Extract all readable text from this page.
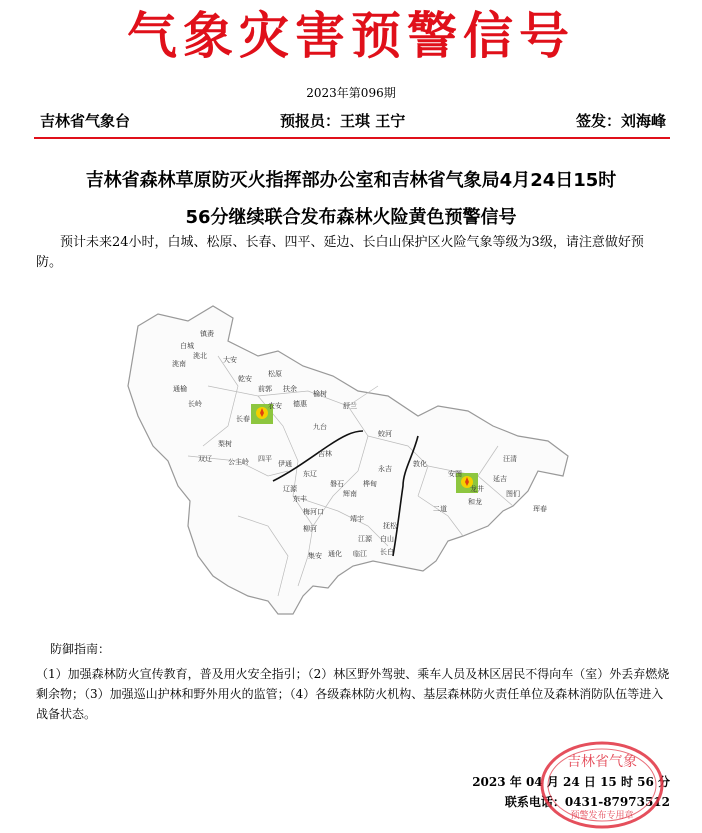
气象灾害预警信号
2023年第096期
吉林省气象台	预报员：王琪 王宁	签发：刘海峰
吉林省森林草原防灭火指挥部办公室和吉林省气象局4月24日15时
56分继续联合发布森林火险黄色预警信号
预计未来24小时，白城、松原、长春、四平、延边、长白山保护区火险气象等级为3级，请注意做好预防。
镇赉
白城
洮南	大安
乾安
松原
扶余
前郭
农安 德惠
榆树
舒兰
长春
九台
吉林
蛟河
敦化
安图
和龙
龙井
延吉
图们
珲春
汪清
梨树
四平
公主岭	伊通
双辽
磐石	桦甸
辽源
东丰
梅河口
柳河
辉南
靖宇
抚松
长白
临江
白山
江源
通化
集安
二道
永吉
东辽
长岭
通榆
洮北
防御指南：
（1）加强森林防火宣传教育，普及用火安全指引；（2）林区野外驾驶、乘车人员及林区居民不得向车（室）外丢弃燃烧剩余物；（3）加强巡山护林和野外用火的监管；（4）各级森林防火机构、基层森林防火责任单位及森林消防队伍等进入战备状态。
2023 年 04 月 24 日 15 时 56 分
联系电话：0431-87973512
吉林省气象
预警发布专用章
